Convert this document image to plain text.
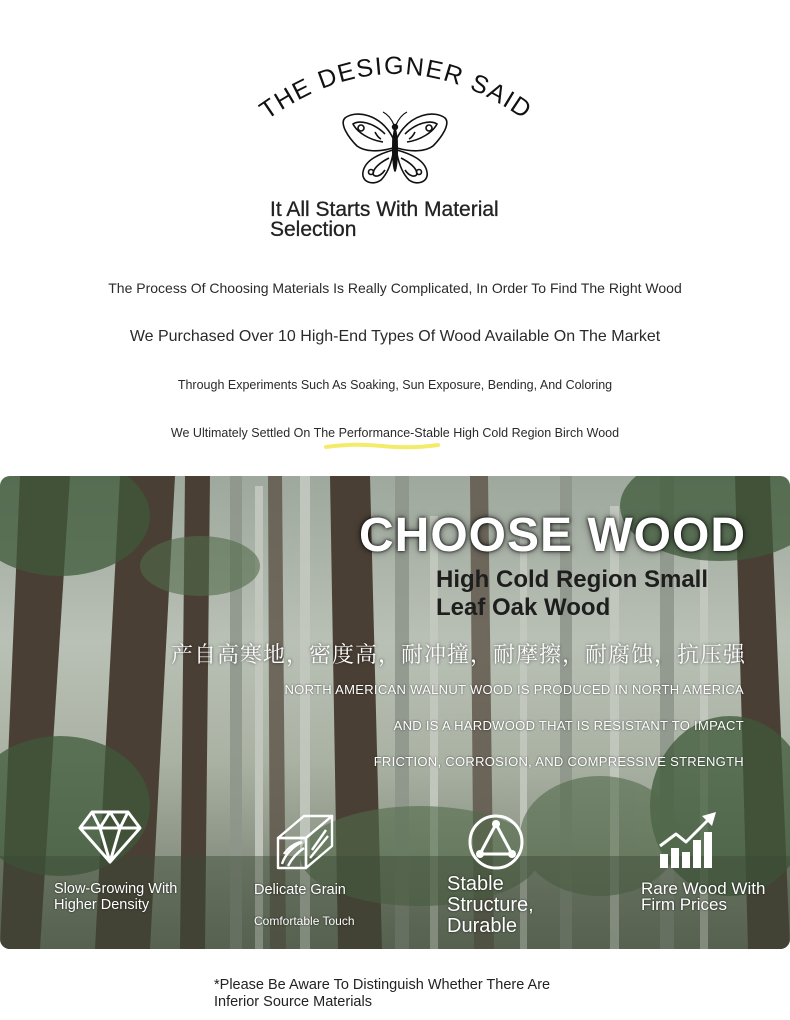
THE DESIGNER SAID
It All Starts With Material Selection
The Process Of Choosing Materials Is Really Complicated, In Order To Find The Right Wood
We Purchased Over 10 High-End Types Of Wood Available On The Market
Through Experiments Such As Soaking, Sun Exposure, Bending, And Coloring
We Ultimately Settled On The Performance-Stable High Cold Region Birch Wood
CHOOSE WOOD
High Cold Region Small Leaf Oak Wood
产自高寒地，密度高，耐冲撞，耐摩擦，耐腐蚀，抗压强
NORTH AMERICAN WALNUT WOOD IS PRODUCED IN NORTH AMERICA
AND IS A HARDWOOD THAT IS RESISTANT TO IMPACT
FRICTION, CORROSION, AND COMPRESSIVE STRENGTH
Slow-Growing With Higher Density
Delicate Grain
Comfortable Touch
Stable Structure, Durable
Rare Wood With Firm Prices
*Please Be Aware To Distinguish Whether There Are Inferior Source Materials
